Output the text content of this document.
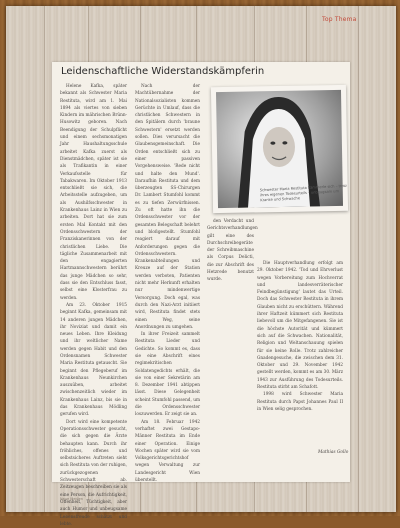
Top Thema
Leidenschaftliche Widerstandskämpferin

Helene Kafka, später bekannt als Schwester Maria Restituta, wird am 1. Mai 1894 als viertes von sieben Kindern im mährischen Brünn-Husowitz geboren. Nach Beendigung der Schulpflicht und einem sechsmonatigen Jahr Haushaltungsschule arbeitet Kafka zuerst als Dienstmädchen, später ist sie als Trafikantin in einer Verkaufsstelle für Tabakwaren. Im Oktober 1913 entschließt sie sich, die Arbeitsstelle aufzugeben, um als Aushilfsschwester in Krankenhaus Lainz in Wien zu arbeiten. Dort hat sie zum ersten Mal Kontakt mit den Ordensschwestern der Franziskanerinnen von der christlichen Liebe. Die tägliche Zusammenarbeit mit den engagierten Hartmannschwestern berührt das junge Mädchen so sehr, dass sie den Entschluss fasst, selbst eine Klosterfrau zu werden.

Am 23. Oktober 1915 beginnt Kafka, gemeinsam mit 14 anderen jungen Mädchen, ihr Noviziat und damit ein neues Leben. Ihre Kleidung und ihr weltlicher Name werden gegen Habit und den Ordensnamen Schwester Maria Restituta getauscht. Sie beginnt den Pflegeberuf im Krankenhaus Neunkirchen auszuüben, arbeitet zwischenzeitlich wieder im Krankenhaus Lainz, bis sie in das Krankenhaus Mödling gerufen wird.

Dort wird eine kompetente Operationsschwester gesucht, die sich gegen die Ärzte behaupten kann. Durch ihr fröhliches, offenes und selbstsicheres Auftreten sieht sich Restituta von der ruhigen, zurückgezogenen Schwesterschaft ab. Zeitzeugen beschreiben sie als eine Person, die Aufrichtigkeit, Offenheit, Tüchtigkeit, aber auch Humor und unbeugsame Lebensfreude schätzt und lebte.

Nach der Machtübernahme der Nationalsozialisten kommen Gerüchte in Umlauf, dass die christlichen Schwestern in den Spitälern durch 'braune Schwestern' ersetzt werden sollen. Dies verursacht die Glaubensgemeinschaft. Die Orden entschließt sich zu einer passiven Vorgehensweise. 'Rede nicht und halte den Mund'. Daraufhin Restituta und dem überzeugten SS-Chirurgen Dr. Lambert Stumfohl kommt es zu tiefen Zerwürfnissen. Zu oft hatte ihn die Ordensschwester vor der gesamten Belegschaft belehrt und bloßgestellt. Stumfohl reagiert darauf mit Anforderungen gegen die Ordensschwestern. Krankenabteilungen und Kreuze auf der Station werden verboten, Patienten nicht mehr Herkunft erhalten nur mindenwertige Versorgung. Doch egal, was durch den Nazi-Arzt initiiert wird, Restituta findet stets einen Weg, seine Anordnungen zu umgehen.

In ihrer Freizeit sammelt Restituta Lieder und Gedichte. So kommt es, dass sie eine Abschrift eines regimekritischen Soldatengedichts erhält, die sie von einer Sekretärin am 8. Dezember 1941 abtippen lässt. Diese Gelegenheit scheint Stumfohl passend, um die Ordensschwester loszuwerden. Er zeigt sie an.

Am 18. Februar 1942 verhaftet zwei Gestapo-Männer Restituta im Ende einer Operation. Einige Wochen später wird sie vom Volksgerichtsgerichtshof wegen Verwaltung zur Landesgericht Wien überstellt.

Schwester Maria Restituta Kämmerle sich – trotz ihres eigenen Todesurteils – unbeugsam um Kranke und Schwache

den Verdacht und Gerichtsverhandlungen gilt eine des Durchschreibegeräte der Schreibmaschine als Corpus Delicti, die zur Abschrift des Hetzrede benutzt wurde.

Die Hauptverhandlung erfolgt am 29. Oktober 1942. 'Tod und Ehrverlust wegen Vorbereitung zum Hochverrat und landesverräterischer Feindbegünstigung' lautet das Urteil. Doch das Schwester Restituta in ihrem Glauben nicht zu erschüttern. Während ihrer Haftzeit kümmert sich Restituta liebevoll um die Mitgefangenen. Sie ist die höchste Autorität und kümmert sich auf die Schwachen. Nationalität, Religion und Weltanschauung spielen für sie keine Rolle. Trotz zahlreicher Gnadengesuche, die zwischen dem 31. Oktober und 29. November 1942 gestellt werden, kommt es am 30. März 1943 zur Ausführung des Todesurteils. Restituta stirbt am Schafott.

1998 wird Schwester Maria Restituta durch Papst Johannes Paul II in Wien selig gesprochen.

Mathias Gollo
Neue Medien
